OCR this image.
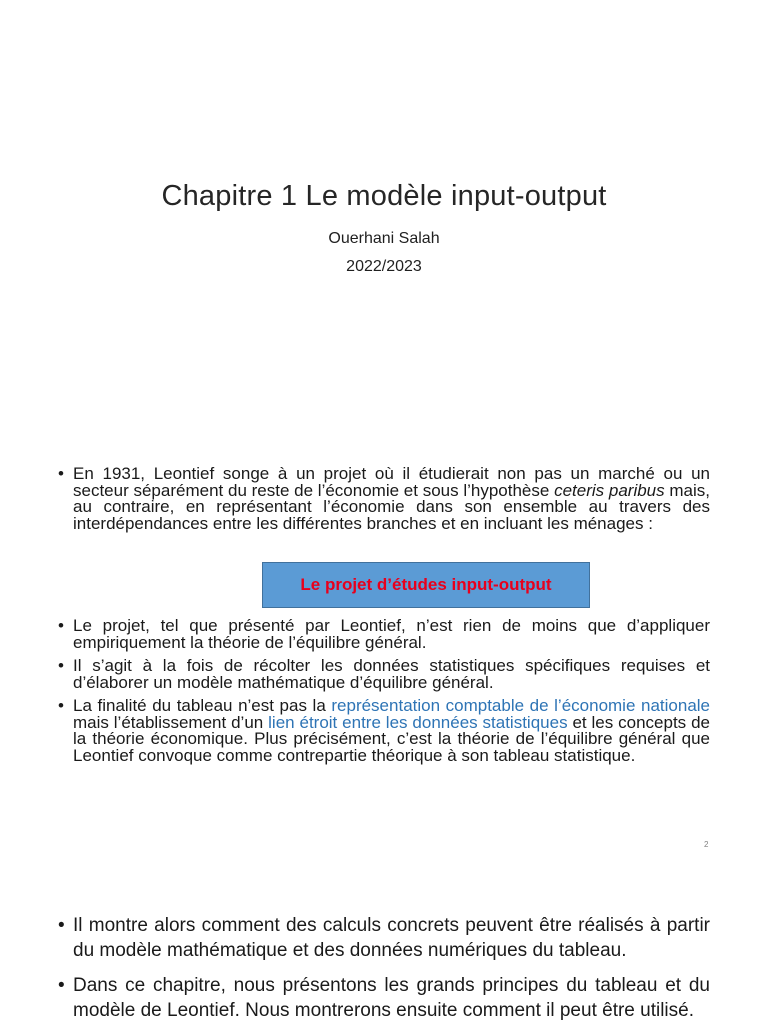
Chapitre 1 Le modèle input-output
Ouerhani Salah
2022/2023
• En 1931, Leontief songe à un projet où il étudierait non pas un marché ou un secteur séparément du reste de l’économie et sous l’hypothèse ceteris paribus mais, au contraire, en représentant l’économie dans son ensemble au travers des interdépendances entre les différentes branches et en incluant les ménages :
Le projet d’études input-output
• Le projet, tel que présenté par Leontief, n’est rien de moins que d’appliquer empiriquement la théorie de l’équilibre général.
• Il s’agit à la fois de récolter les données statistiques spécifiques requises et d’élaborer un modèle mathématique d’équilibre général.
• La finalité du tableau n’est pas la représentation comptable de l’économie nationale mais l’établissement d’un lien étroit entre les données statistiques et les concepts de la théorie économique. Plus précisément, c’est la théorie de l’équilibre général que Leontief convoque comme contrepartie théorique à son tableau statistique.
2
• Il montre alors comment des calculs concrets peuvent être réalisés à partir du modèle mathématique et des données numériques du tableau.
• Dans ce chapitre, nous présentons les grands principes du tableau et du modèle de Leontief. Nous montrerons ensuite comment il peut être utilisé.
